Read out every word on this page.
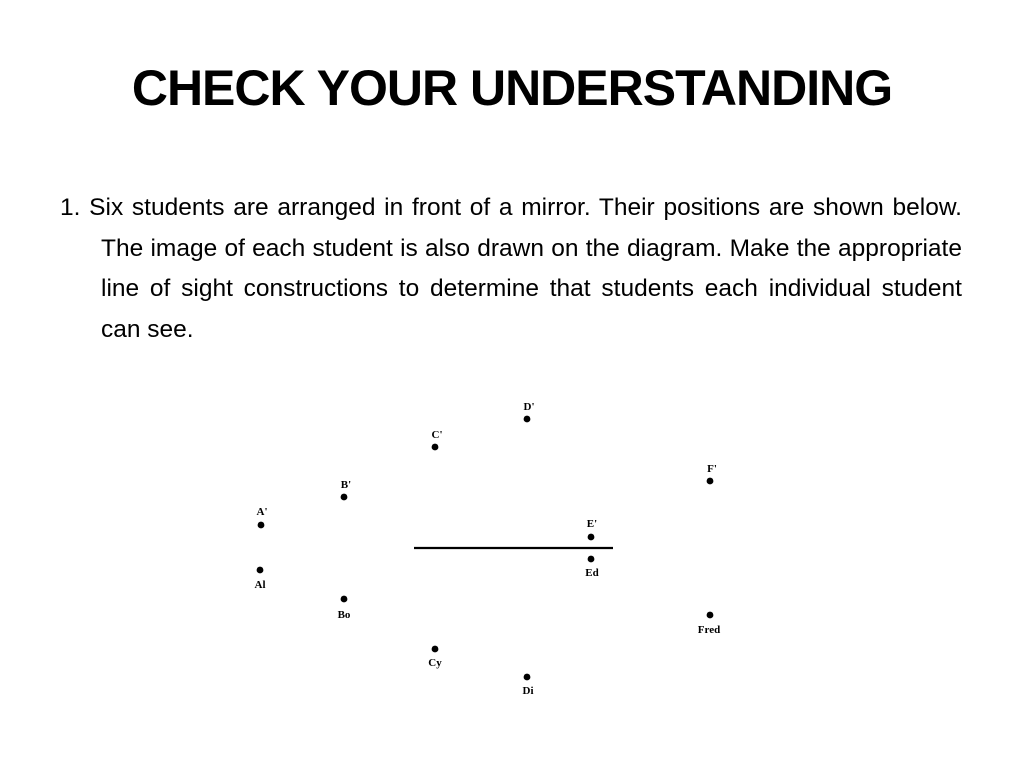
CHECK YOUR UNDERSTANDING

1. Six students are arranged in front of a mirror. Their positions are shown below. The image of each student is also drawn on the diagram. Make the appropriate line of sight constructions to determine that students each individual student can see.

Al
Bo
Cy
Di
Ed
Fred
A'
B'
C'
D'
E'
F'
